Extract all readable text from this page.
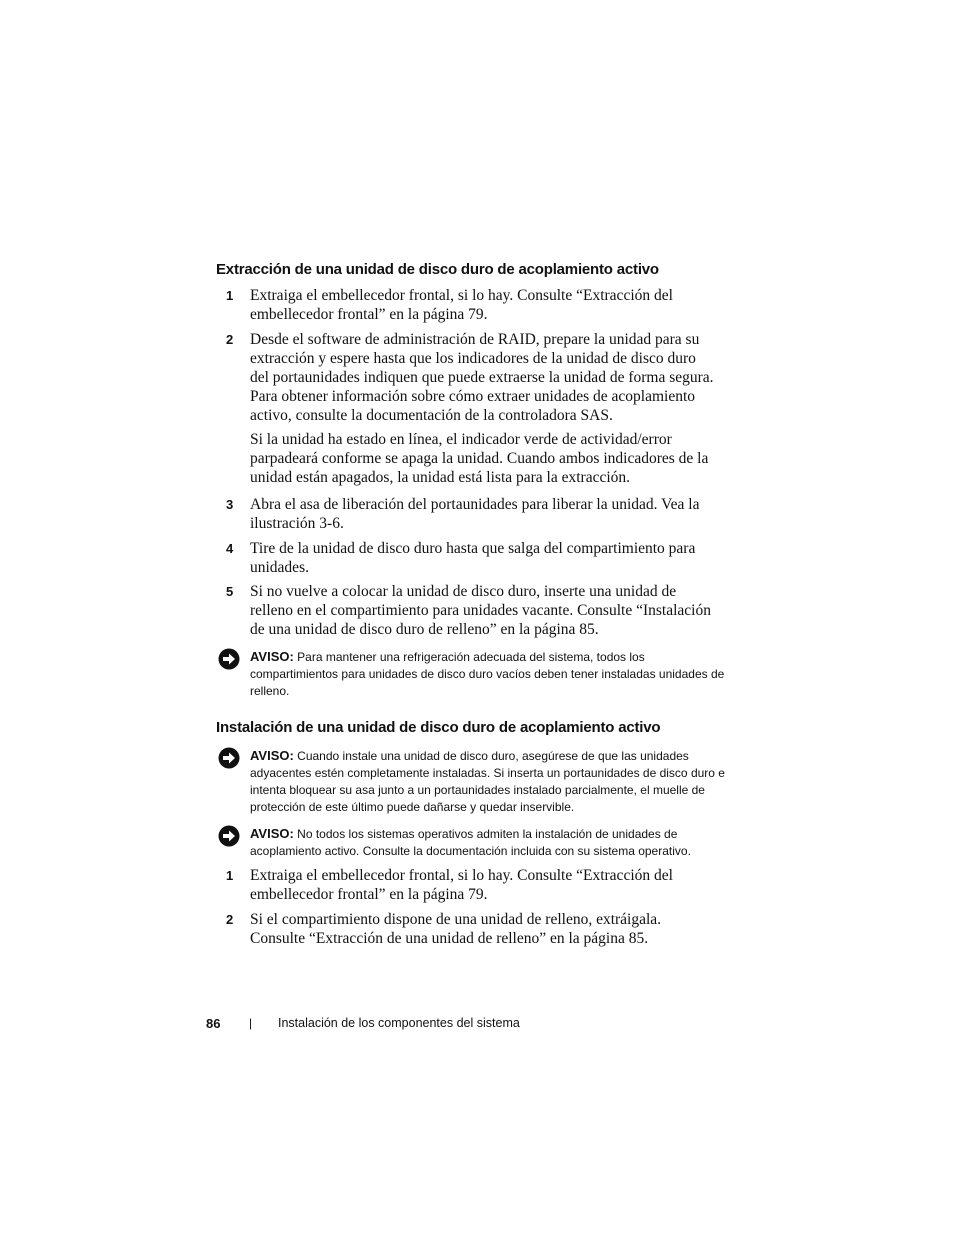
Extracción de una unidad de disco duro de acoplamiento activo
1 Extraiga el embellecedor frontal, si lo hay. Consulte “Extracción del embellecedor frontal” en la página 79.
2 Desde el software de administración de RAID, prepare la unidad para su extracción y espere hasta que los indicadores de la unidad de disco duro del portaunidades indiquen que puede extraerse la unidad de forma segura. Para obtener información sobre cómo extraer unidades de acoplamiento activo, consulte la documentación de la controladora SAS.
Si la unidad ha estado en línea, el indicador verde de actividad/error parpadeará conforme se apaga la unidad. Cuando ambos indicadores de la unidad están apagados, la unidad está lista para la extracción.
3 Abra el asa de liberación del portaunidades para liberar la unidad. Vea la ilustración 3-6.
4 Tire de la unidad de disco duro hasta que salga del compartimiento para unidades.
5 Si no vuelve a colocar la unidad de disco duro, inserte una unidad de relleno en el compartimiento para unidades vacante. Consulte “Instalación de una unidad de disco duro de relleno” en la página 85.
AVISO: Para mantener una refrigeración adecuada del sistema, todos los compartimientos para unidades de disco duro vacíos deben tener instaladas unidades de relleno.
Instalación de una unidad de disco duro de acoplamiento activo
AVISO: Cuando instale una unidad de disco duro, asegúrese de que las unidades adyacentes estén completamente instaladas. Si inserta un portaunidades de disco duro e intenta bloquear su asa junto a un portaunidades instalado parcialmente, el muelle de protección de este último puede dañarse y quedar inservible.
AVISO: No todos los sistemas operativos admiten la instalación de unidades de acoplamiento activo. Consulte la documentación incluida con su sistema operativo.
1 Extraiga el embellecedor frontal, si lo hay. Consulte “Extracción del embellecedor frontal” en la página 79.
2 Si el compartimiento dispone de una unidad de relleno, extráigala. Consulte “Extracción de una unidad de relleno” en la página 85.
86 | Instalación de los componentes del sistema
